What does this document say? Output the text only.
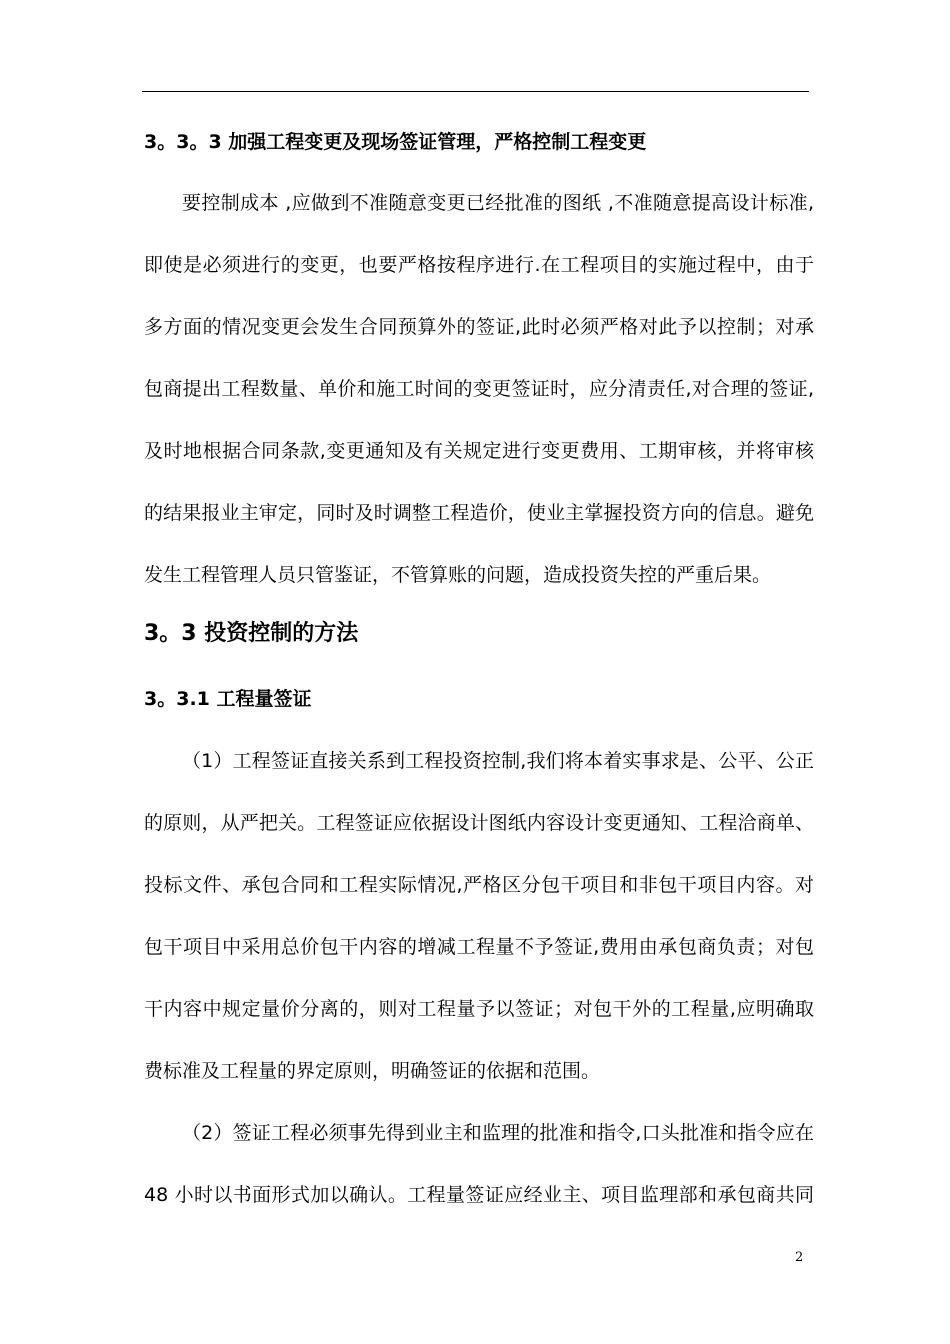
3。3。3 加强工程变更及现场签证管理，严格控制工程变更
要控制成本 ,应做到不准随意变更已经批准的图纸 ,不准随意提高设计标准,
即使是必须进行的变更，也要严格按程序进行.在工程项目的实施过程中，由于
多方面的情况变更会发生合同预算外的签证,此时必须严格对此予以控制；对承
包商提出工程数量、单价和施工时间的变更签证时，应分清责任,对合理的签证,
及时地根据合同条款,变更通知及有关规定进行变更费用、工期审核，并将审核
的结果报业主审定，同时及时调整工程造价，使业主掌握投资方向的信息。避免
发生工程管理人员只管鉴证，不管算账的问题，造成投资失控的严重后果。
3。3 投资控制的方法
3。3.1 工程量签证
（1）工程签证直接关系到工程投资控制,我们将本着实事求是、公平、公正
的原则，从严把关。工程签证应依据设计图纸内容设计变更通知、工程洽商单、
投标文件、承包合同和工程实际情况,严格区分包干项目和非包干项目内容。对
包干项目中采用总价包干内容的增减工程量不予签证,费用由承包商负责；对包
干内容中规定量价分离的，则对工程量予以签证；对包干外的工程量,应明确取
费标准及工程量的界定原则，明确签证的依据和范围。
（2）签证工程必须事先得到业主和监理的批准和指令,口头批准和指令应在
48 小时以书面形式加以确认。工程量签证应经业主、项目监理部和承包商共同
2
